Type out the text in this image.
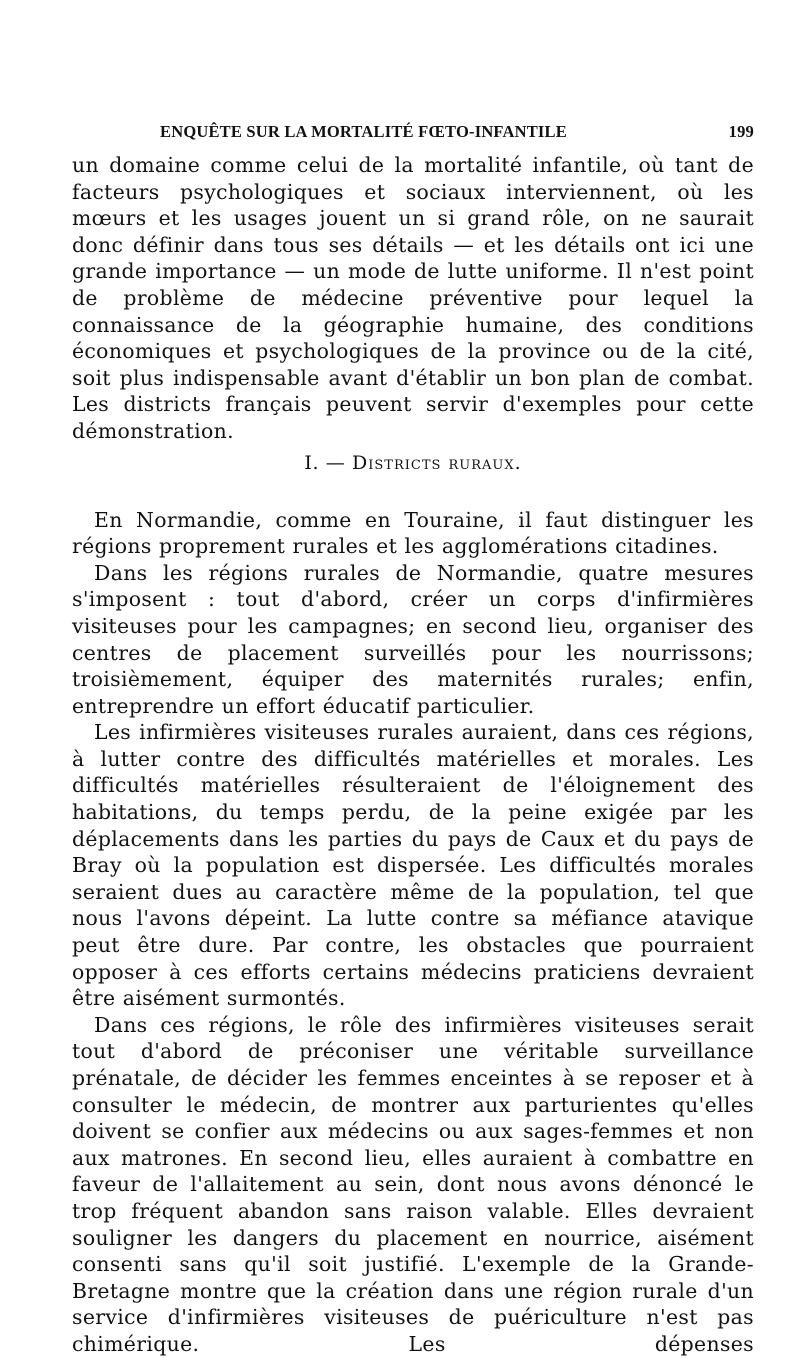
ENQUÊTE SUR LA MORTALITÉ FŒTO-INFANTILE	199

un domaine comme celui de la mortalité infantile, où tant de facteurs psychologiques et sociaux interviennent, où les mœurs et les usages jouent un si grand rôle, on ne saurait donc définir dans tous ses détails — et les détails ont ici une grande importance — un mode de lutte uniforme. Il n'est point de problème de médecine préventive pour lequel la connaissance de la géographie humaine, des conditions économiques et psychologiques de la province ou de la cité, soit plus indispensable avant d'établir un bon plan de combat. Les districts français peuvent servir d'exemples pour cette démonstration.

I. — Districts ruraux.

En Normandie, comme en Touraine, il faut distinguer les régions proprement rurales et les agglomérations citadines.

Dans les régions rurales de Normandie, quatre mesures s'imposent : tout d'abord, créer un corps d'infirmières visiteuses pour les campagnes; en second lieu, organiser des centres de placement surveillés pour les nourrissons; troisièmement, équiper des maternités rurales; enfin, entreprendre un effort éducatif particulier.

Les infirmières visiteuses rurales auraient, dans ces régions, à lutter contre des difficultés matérielles et morales. Les difficultés matérielles résulteraient de l'éloignement des habitations, du temps perdu, de la peine exigée par les déplacements dans les parties du pays de Caux et du pays de Bray où la population est dispersée. Les difficultés morales seraient dues au caractère même de la population, tel que nous l'avons dépeint. La lutte contre sa méfiance atavique peut être dure. Par contre, les obstacles que pourraient opposer à ces efforts certains médecins praticiens devraient être aisément surmontés.

Dans ces régions, le rôle des infirmières visiteuses serait tout d'abord de préconiser une véritable surveillance prénatale, de décider les femmes enceintes à se reposer et à consulter le médecin, de montrer aux parturientes qu'elles doivent se confier aux médecins ou aux sages-femmes et non aux matrones. En second lieu, elles auraient à combattre en faveur de l'allaitement au sein, dont nous avons dénoncé le trop fréquent abandon sans raison valable. Elles devraient souligner les dangers du placement en nourrice, aisément consenti sans qu'il soit justifié. L'exemple de la Grande-Bretagne montre que la création dans une région rurale d'un service d'infirmières visiteuses de puériculture n'est pas chimérique. Les dépenses
